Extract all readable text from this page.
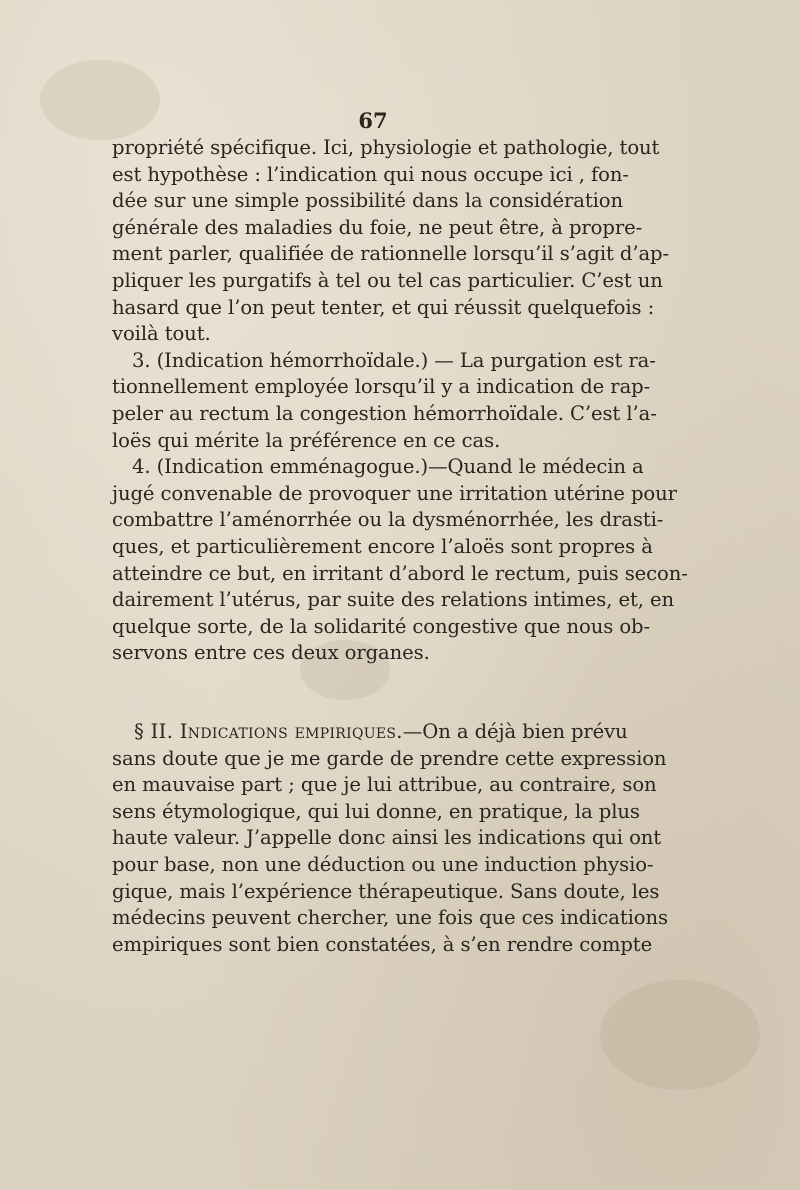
67
propriété spécifique. Ici, physiologie et pathologie, tout
est hypothèse : l’indication qui nous occupe ici , fon-
dée sur une simple possibilité dans la considération
générale des maladies du foie, ne peut être, à propre-
ment parler, qualifiée de rationnelle lorsqu’il s’agit d’ap-
pliquer les purgatifs à tel ou tel cas particulier. C’est un
hasard que l’on peut tenter, et qui réussit quelquefois :
voilà tout.
3. (Indication hémorrhoïdale.) — La purgation est ra-
tionnellement employée lorsqu’il y a indication de rap-
peler au rectum la congestion hémorrhoïdale. C’est l’a-
loës qui mérite la préférence en ce cas.
4. (Indication emménagogue.)—Quand le médecin a
jugé convenable de provoquer une irritation utérine pour
combattre l’aménorrhée ou la dysménorrhée, les drasti-
ques, et particulièrement encore l’aloës sont propres à
atteindre ce but, en irritant d’abord le rectum, puis secon-
dairement l’utérus, par suite des relations intimes, et, en
quelque sorte, de la solidarité congestive que nous ob-
servons entre ces deux organes.
§ II. Indications empiriques.—On a déjà bien prévu
sans doute que je me garde de prendre cette expression
en mauvaise part ; que je lui attribue, au contraire, son
sens étymologique, qui lui donne, en pratique, la plus
haute valeur. J’appelle donc ainsi les indications qui ont
pour base, non une déduction ou une induction physio-
gique, mais l’expérience thérapeutique. Sans doute, les
médecins peuvent chercher, une fois que ces indications
empiriques sont bien constatées, à s’en rendre compte
